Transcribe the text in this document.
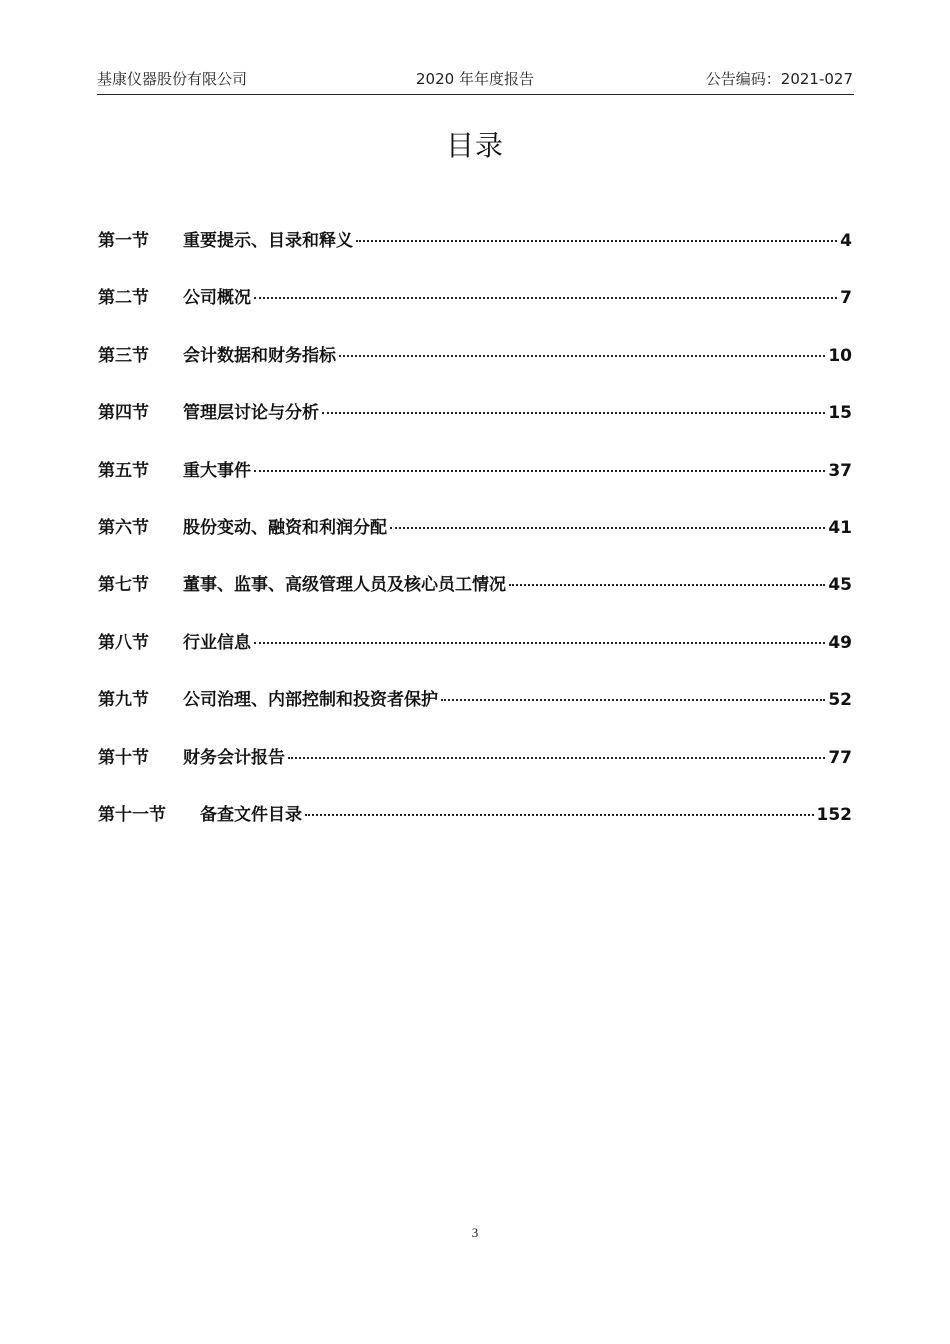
基康仪器股份有限公司	2020 年年度报告	公告编码：2021-027
目录
第一节	重要提示、目录和释义	4
第二节	公司概况	7
第三节	会计数据和财务指标	10
第四节	管理层讨论与分析	15
第五节	重大事件	37
第六节	股份变动、融资和利润分配	41
第七节	董事、监事、高级管理人员及核心员工情况	45
第八节	行业信息	49
第九节	公司治理、内部控制和投资者保护	52
第十节	财务会计报告	77
第十一节	备查文件目录	152
3
